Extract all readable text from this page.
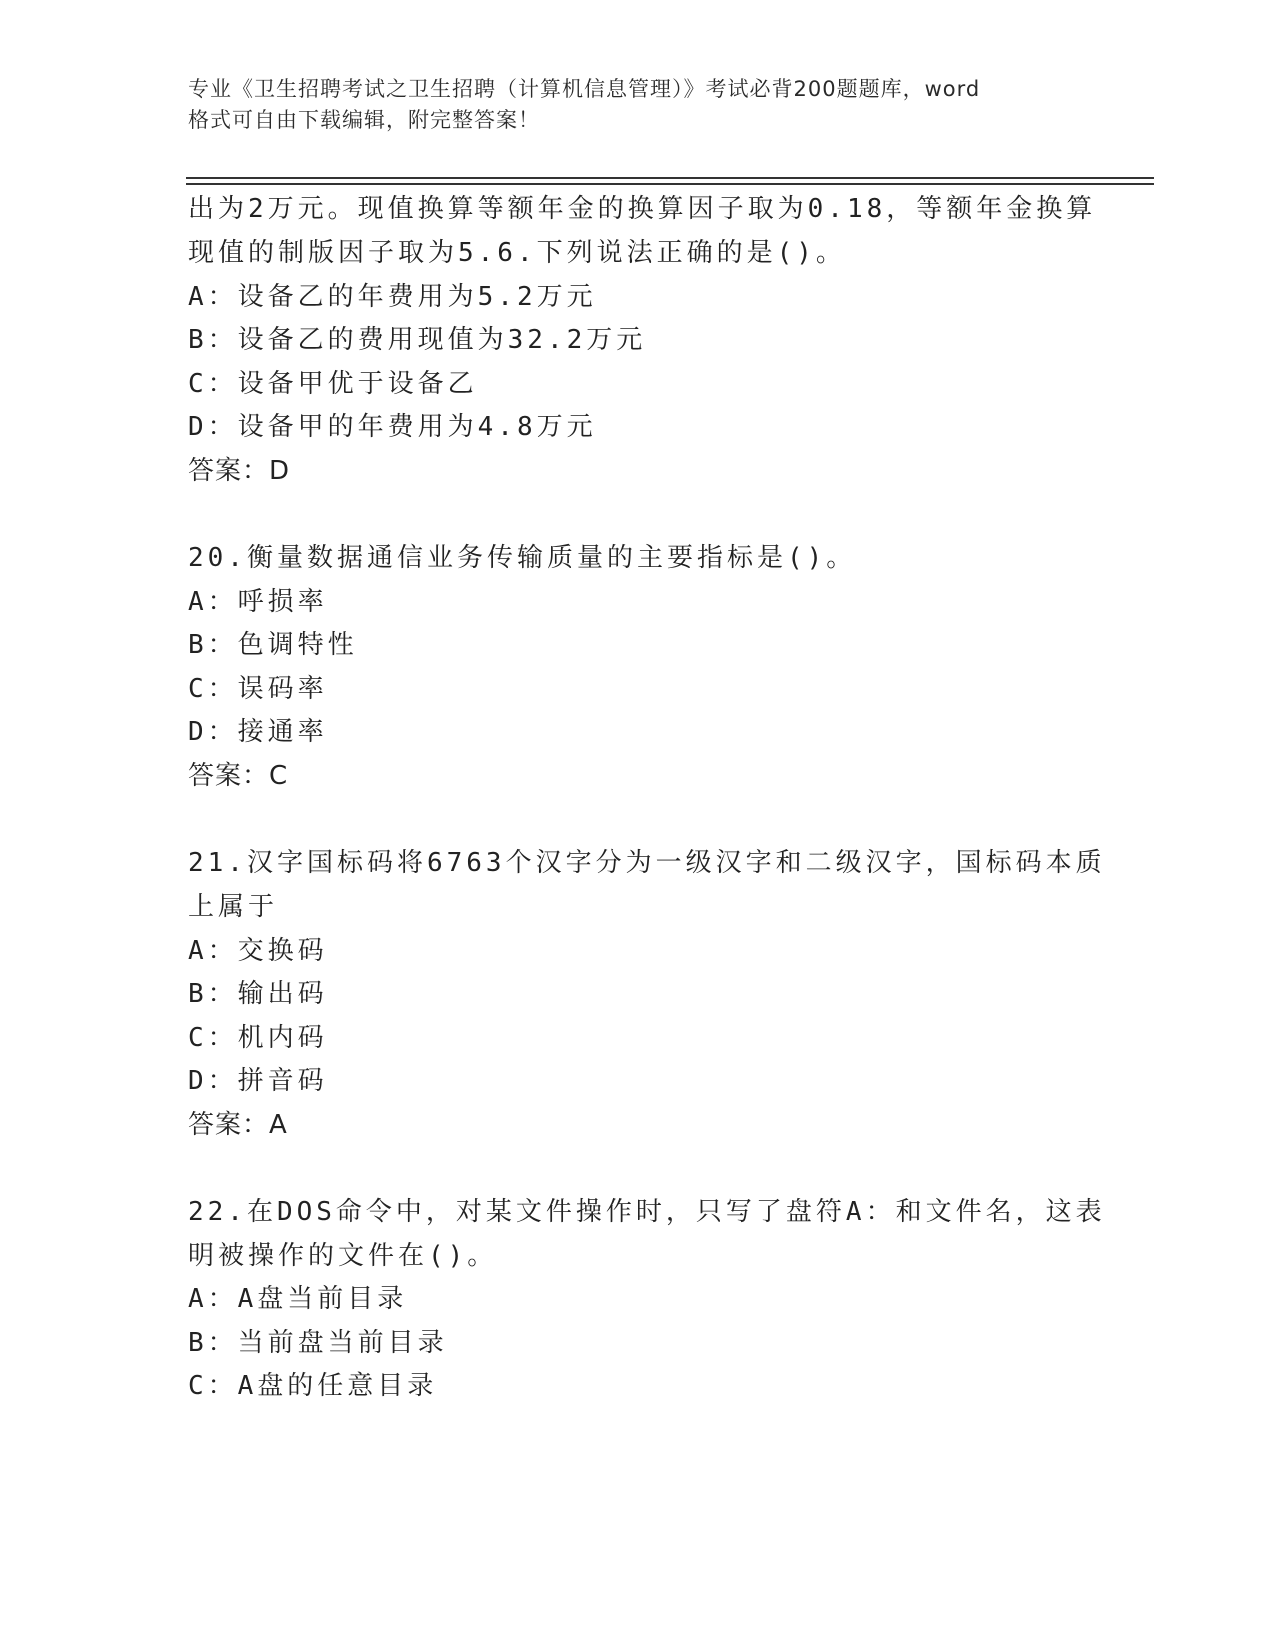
专业《卫生招聘考试之卫生招聘（计算机信息管理）》考试必背200题题库，word
格式可自由下载编辑，附完整答案！
出为2万元。现值换算等额年金的换算因子取为0.18，等额年金换算
现值的制版因子取为5.6.下列说法正确的是()。
A：设备乙的年费用为5.2万元
B：设备乙的费用现值为32.2万元
C：设备甲优于设备乙
D：设备甲的年费用为4.8万元
答案：D
20.衡量数据通信业务传输质量的主要指标是()。
A：呼损率
B：色调特性
C：误码率
D：接通率
答案：C
21.汉字国标码将6763个汉字分为一级汉字和二级汉字，国标码本质
上属于
A：交换码
B：输出码
C：机内码
D：拼音码
答案：A
22.在DOS命令中，对某文件操作时，只写了盘符A：和文件名，这表
明被操作的文件在()。
A：A盘当前目录
B：当前盘当前目录
C：A盘的任意目录
